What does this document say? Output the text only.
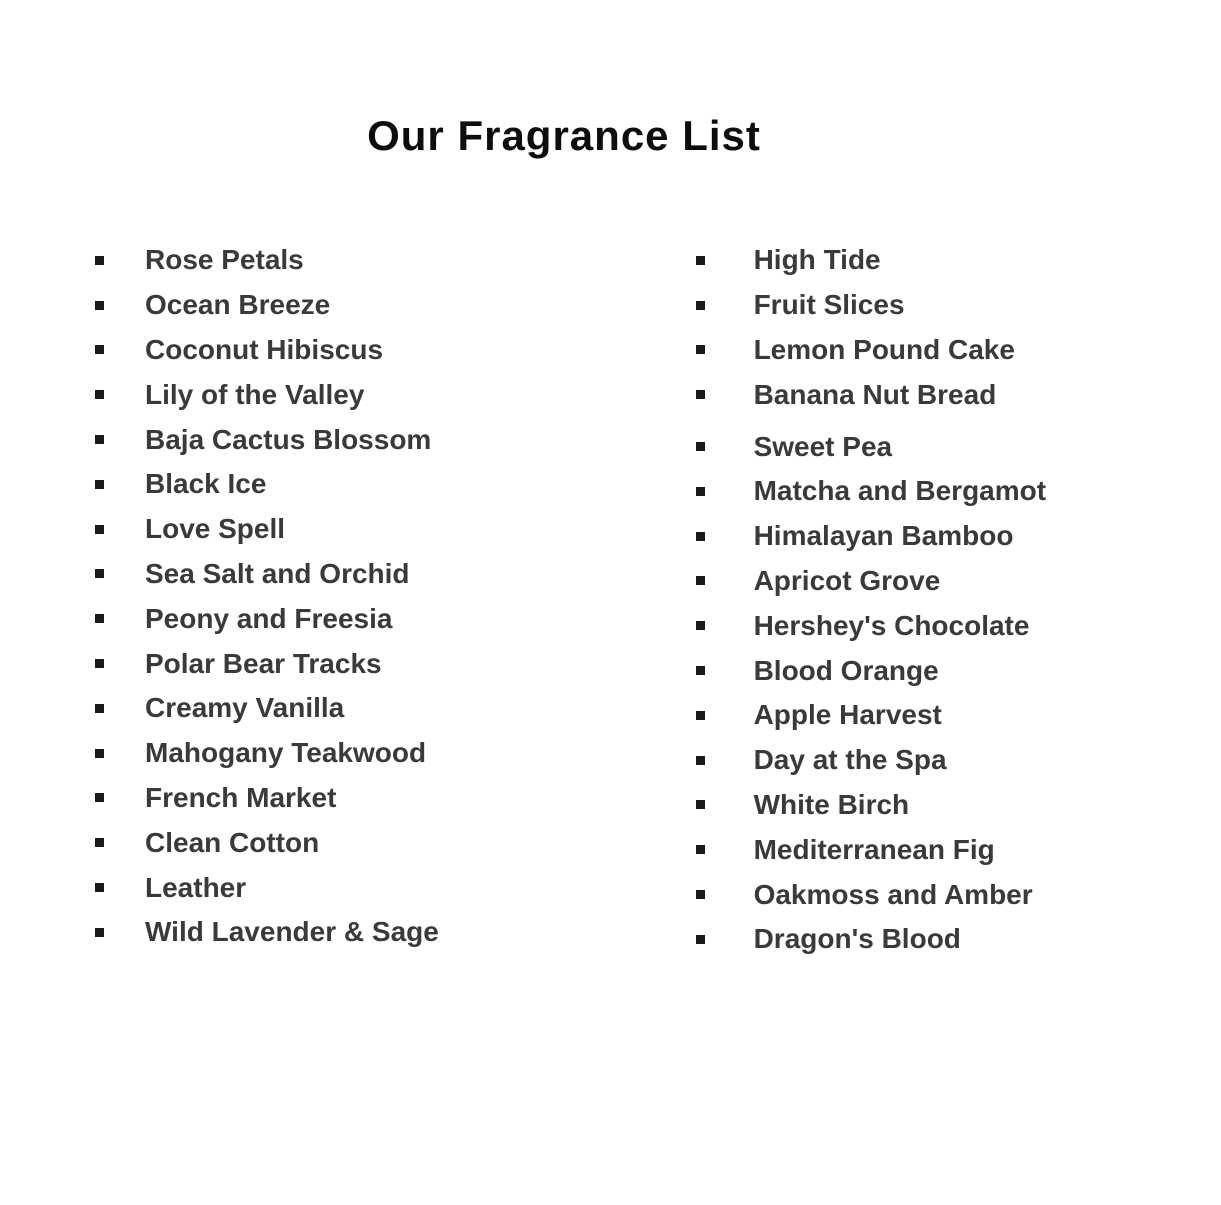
Our Fragrance List
Rose Petals
Ocean Breeze
Coconut Hibiscus
Lily of the Valley
Baja Cactus Blossom
Black Ice
Love Spell
Sea Salt and Orchid
Peony and Freesia
Polar Bear Tracks
Creamy Vanilla
Mahogany Teakwood
French Market
Clean Cotton
Leather
Wild Lavender & Sage
High Tide
Fruit Slices
Lemon Pound Cake
Banana Nut Bread
Sweet Pea
Matcha and Bergamot
Himalayan Bamboo
Apricot Grove
Hershey's Chocolate
Blood Orange
Apple Harvest
Day at the Spa
White Birch
Mediterranean Fig
Oakmoss and Amber
Dragon's Blood
